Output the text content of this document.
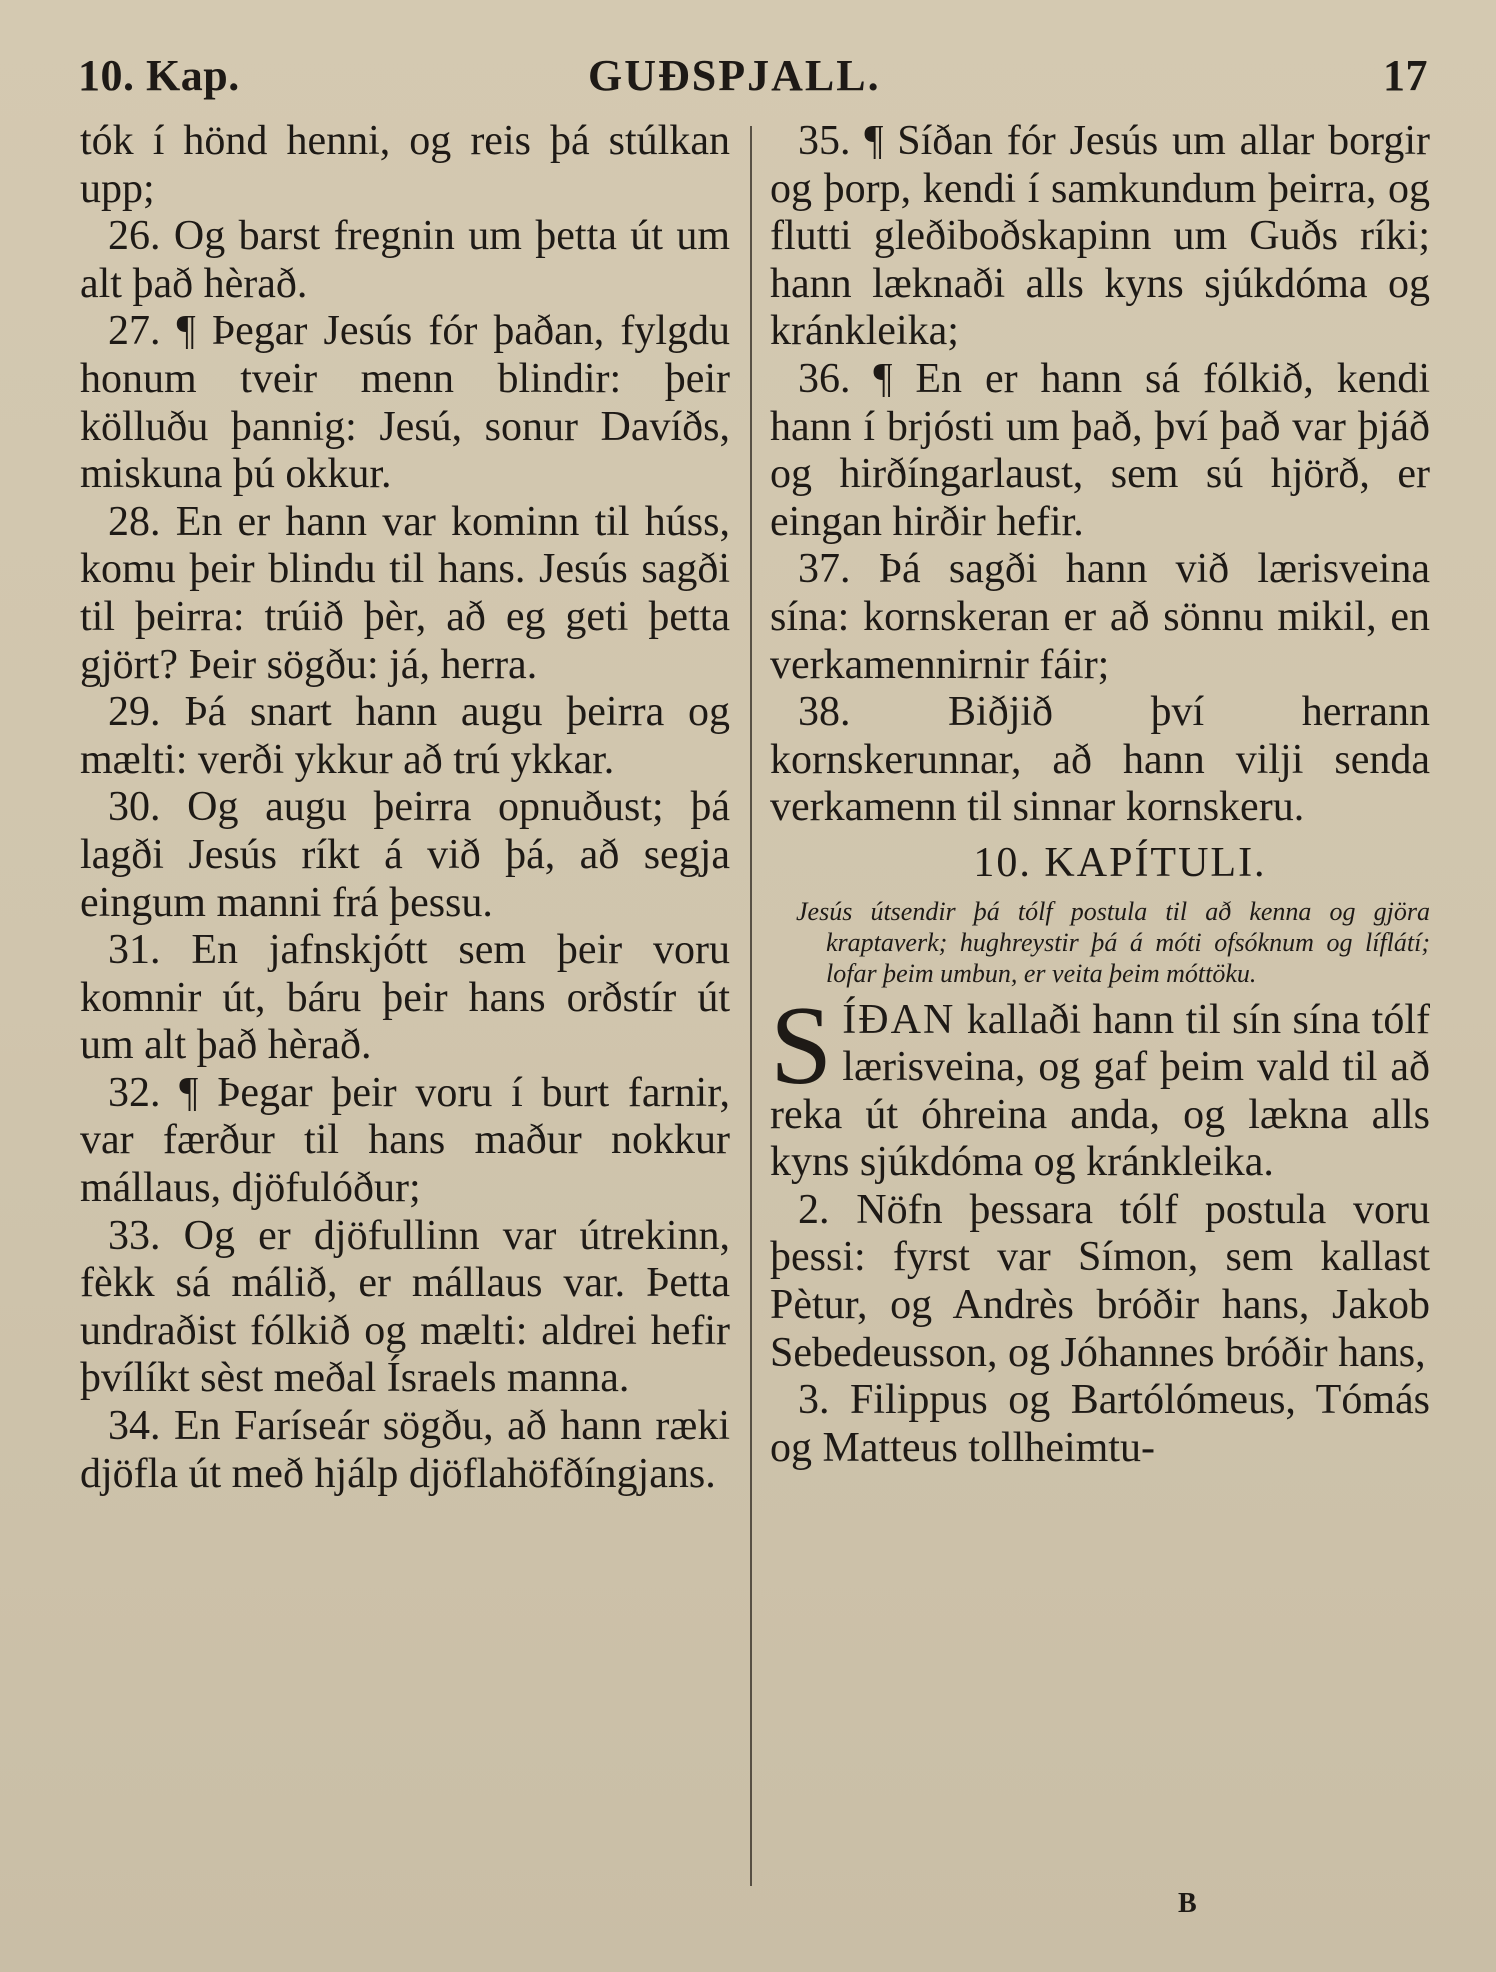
10. Kap.	GUÐSPJALL.	17

tók í hönd henni, og reis þá stúlkan upp;

26. Og barst fregnin um þetta út um alt það hèrað.

27. ¶ Þegar Jesús fór þaðan, fylgdu honum tveir menn blindir: þeir kölluðu þannig: Jesú, sonur Davíðs, miskuna þú okkur.

28. En er hann var kominn til húss, komu þeir blindu til hans. Jesús sagði til þeirra: trúið þèr, að eg geti þetta gjört? Þeir sögðu: já, herra.

29. Þá snart hann augu þeirra og mælti: verði ykkur að trú ykkar.

30. Og augu þeirra opnuðust; þá lagði Jesús ríkt á við þá, að segja eingum manni frá þessu.

31. En jafnskjótt sem þeir voru komnir út, báru þeir hans orðstír út um alt það hèrað.

32. ¶ Þegar þeir voru í burt farnir, var færður til hans maður nokkur mállaus, djöfulóður;

33. Og er djöfullinn var útrekinn, fèkk sá málið, er mállaus var. Þetta undraðist fólkið og mælti: aldrei hefir þvílíkt sèst meðal Ísraels manna.

34. En Faríseár sögðu, að hann ræki djöfla út með hjálp djöflahöfðíngjans.

35. ¶ Síðan fór Jesús um allar borgir og þorp, kendi í samkundum þeirra, og flutti gleðiboðskapinn um Guðs ríki; hann læknaði alls kyns sjúkdóma og kránkleika;

36. ¶ En er hann sá fólkið, kendi hann í brjósti um það, því það var þjáð og hirðíngarlaust, sem sú hjörð, er eingan hirðir hefir.

37. Þá sagði hann við lærisveina sína: kornskeran er að sönnu mikil, en verkamennirnir fáir;

38. Biðjið því herrann kornskerunnar, að hann vilji senda verkamenn til sinnar kornskeru.

10. KAPÍTULI.

Jesús útsendir þá tólf postula til að kenna og gjöra kraptaverk; hughreystir þá á móti ofsóknum og líflátí; lofar þeim umbun, er veita þeim móttöku.

S ÍÐAN kallaði hann til sín sína tólf lærisveina, og gaf þeim vald til að reka út óhreina anda, og lækna alls kyns sjúkdóma og kránkleika.

2. Nöfn þessara tólf postula voru þessi: fyrst var Símon, sem kallast Pètur, og Andrès bróðir hans, Jakob Sebedeusson, og Jóhannes bróðir hans,

3. Filippus og Bartólómeus, Tómás og Matteus tollheimtu-

B
